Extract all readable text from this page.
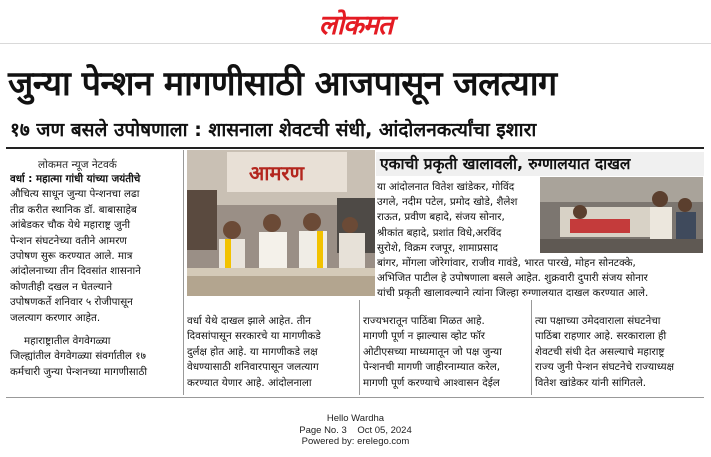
लोकमत
जुन्या पेन्शन मागणीसाठी आजपासून जलत्याग
१७ जण बसले उपोषणाला : शासनाला शेवटची संधी, आंदोलनकर्त्यांचा इशारा
लोकमत न्यूज नेटवर्क

वर्धा : महात्मा गांधी यांच्या जयंतीचे

औचित्य साधून जुन्या पेन्शनचा लढा

तीव्र करीत स्थानिक डॉ. बाबासाहेब

आंबेडकर चौक येथे महाराष्ट्र जुनी

पेन्शन संघटनेच्या वतीने आमरण

उपोषण सुरू करण्यात आले. मात्र

आंदोलनाच्या तीन दिवसांत शासनाने

कोणतीही दखल न घेतल्याने

उपोषणकर्ते शनिवार ५ रोजीपासून

जलत्याग करणार आहेत.

महाराष्ट्रातील वेगवेगळ्या

जिल्ह्यांतील वेगवेगळ्या संवर्गातील १७

कर्मचारी जुन्या पेन्शनच्या मागणीसाठी

आमरण	एकाची प्रकृती खालावली, रुग्णालयात दाखल

या आंदोलनात वितेश खांडेकर, गोविंद

उगले, नदीम पटेल, प्रमोद खोडे, शैलेश

राऊत, प्रवीण बहादे, संजय सोनार,

श्रीकांत बहादे, प्रशांत विधे,अरविंद

सुरोशे, विक्रम रजपूर, शामाप्रसाद

बांगर, मोंगला जोरेगांवार, राजीव गावंडे, भारत पारखे, मोहन सोनटक्के,

अभिजित पाटील हे उपोषणाला बसले आहेत. शुक्रवारी दुपारी संजय सोनार

यांची प्रकृती खालावल्याने त्यांना जिल्हा रुग्णालयात दाखल करण्यात आले.

वर्धा येथे दाखल झाले आहेत. तीन

दिवसांपासून सरकारचे या मागणीकडे

दुर्लक्ष होत आहे. या मागणीकडे लक्ष

वेधण्यासाठी शनिवारपासून जलत्याग

करण्यात येणार आहे. आंदोलनाला

राज्यभरातून पाठिंबा मिळत आहे.

मागणी पूर्ण न झाल्यास व्होट फॉर

ओटीएसच्या माध्यमातून जो पक्ष जुन्या

पेन्शनची मागणी जाहीरनाम्यात करेल,

मागणी पूर्ण करण्याचे आश्वासन देईल

त्या पक्षाच्या उमेदवाराला संघटनेचा

पाठिंबा राहणार आहे. सरकाराला ही

शेवटची संधी देत असल्याचे महाराष्ट्र

राज्य जुनी पेन्शन संघटनेचे राज्याध्यक्ष

वितेश खांडेकर यांनी सांगितले.

Hello Wardha
Page No. 3    Oct 05, 2024
Powered by: erelego.com
